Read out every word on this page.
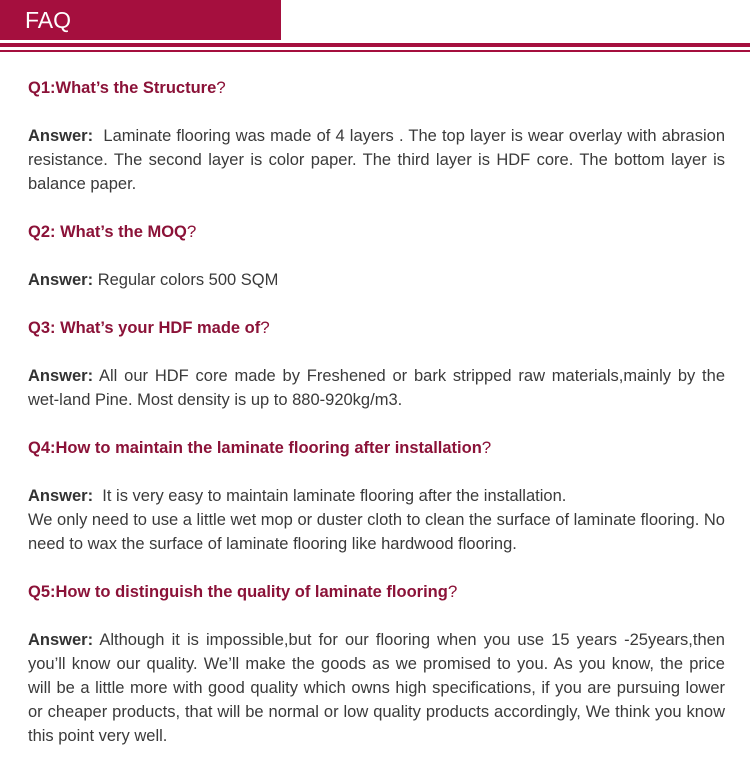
FAQ

Q1:What’s the Structure?

Answer:  Laminate flooring was made of 4 layers . The top layer is wear overlay with abrasion resistance. The second layer is color paper. The third layer is HDF core. The bottom layer is balance paper.

Q2: What’s the MOQ?

Answer: Regular colors 500 SQM

Q3: What’s your HDF made of?

Answer: All our HDF core made by Freshened or bark stripped raw materials,mainly by the wet-land Pine. Most density is up to 880-920kg/m3.

Q4:How to maintain the laminate flooring after installation?

Answer:  It is very easy to maintain laminate flooring after the installation.
We only need to use a little wet mop or duster cloth to clean the surface of laminate flooring. No need to wax the surface of laminate flooring like hardwood flooring.

Q5:How to distinguish the quality of laminate flooring?

Answer: Although it is impossible,but for our flooring when you use 15 years -25years,then you’ll know our quality. We’ll make the goods as we promised to you. As you know, the price will be a little more with good quality which owns high specifications, if you are pursuing lower or cheaper products, that will be normal or low quality products accordingly, We think you know this point very well.
